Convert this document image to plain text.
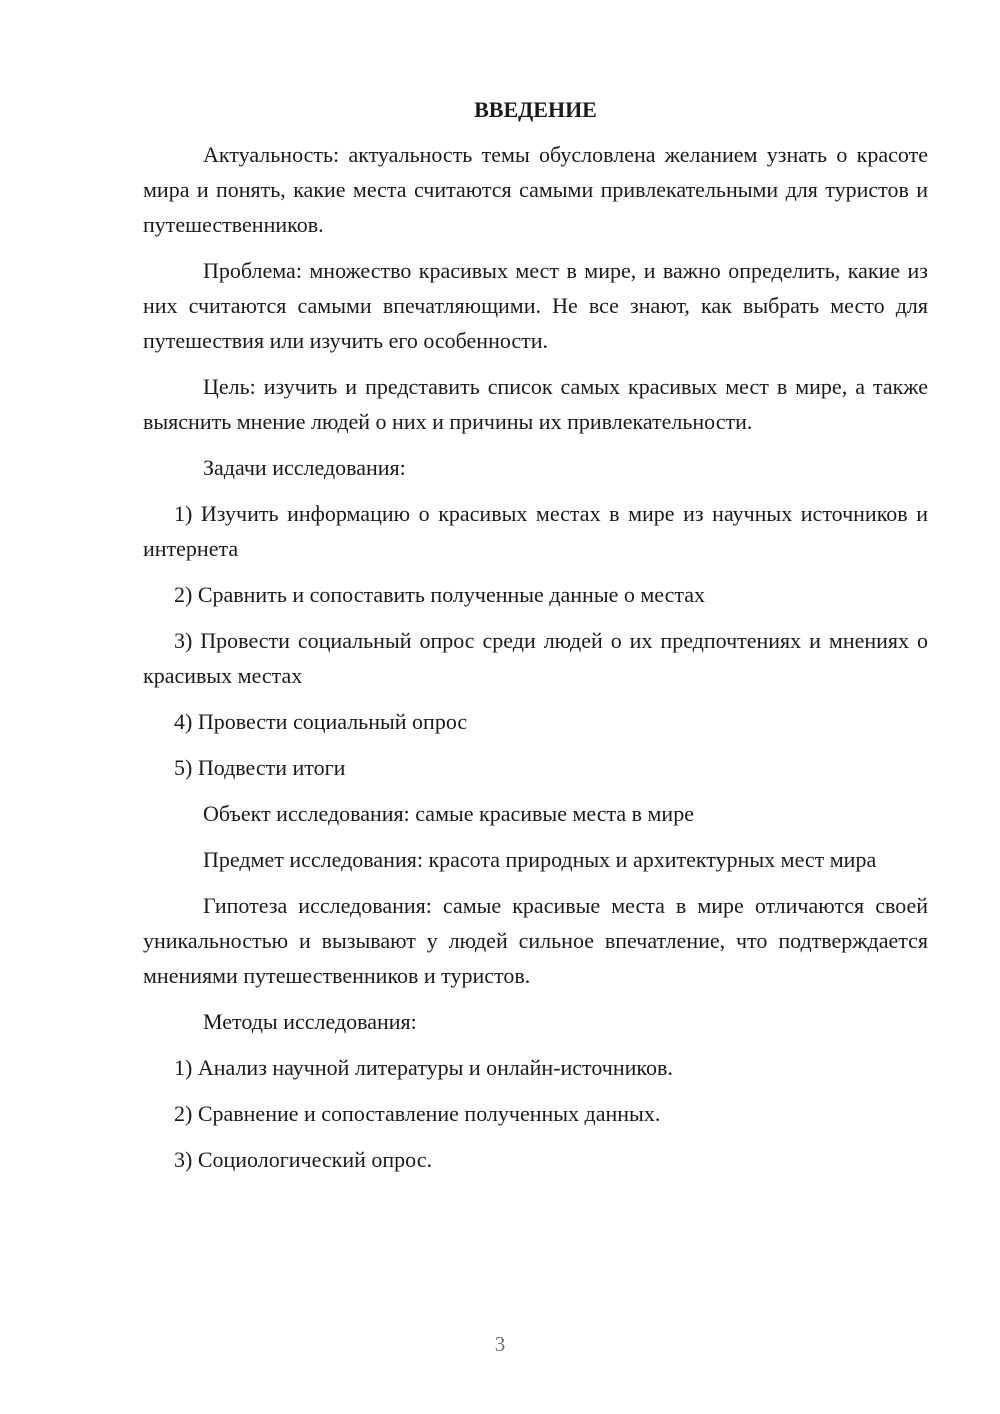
ВВЕДЕНИЕ

Актуальность: актуальность темы обусловлена желанием узнать о красоте мира и понять, какие места считаются самыми привлекательными для туристов и путешественников.

Проблема: множество красивых мест в мире, и важно определить, какие из них считаются самыми впечатляющими. Не все знают, как выбрать место для путешествия или изучить его особенности.

Цель: изучить и представить список самых красивых мест в мире, а также выяснить мнение людей о них и причины их привлекательности.

Задачи исследования:

1) Изучить информацию о красивых местах в мире из научных источников и интернета

2) Сравнить и сопоставить полученные данные о местах

3) Провести социальный опрос среди людей о их предпочтениях и мнениях о красивых местах

4) Провести социальный опрос

5) Подвести итоги

Объект исследования: самые красивые места в мире

Предмет исследования: красота природных и архитектурных мест мира

Гипотеза исследования: самые красивые места в мире отличаются своей уникальностью и вызывают у людей сильное впечатление, что подтверждается мнениями путешественников и туристов.

Методы исследования:

1) Анализ научной литературы и онлайн-источников.

2) Сравнение и сопоставление полученных данных.

3) Социологический опрос.

3
